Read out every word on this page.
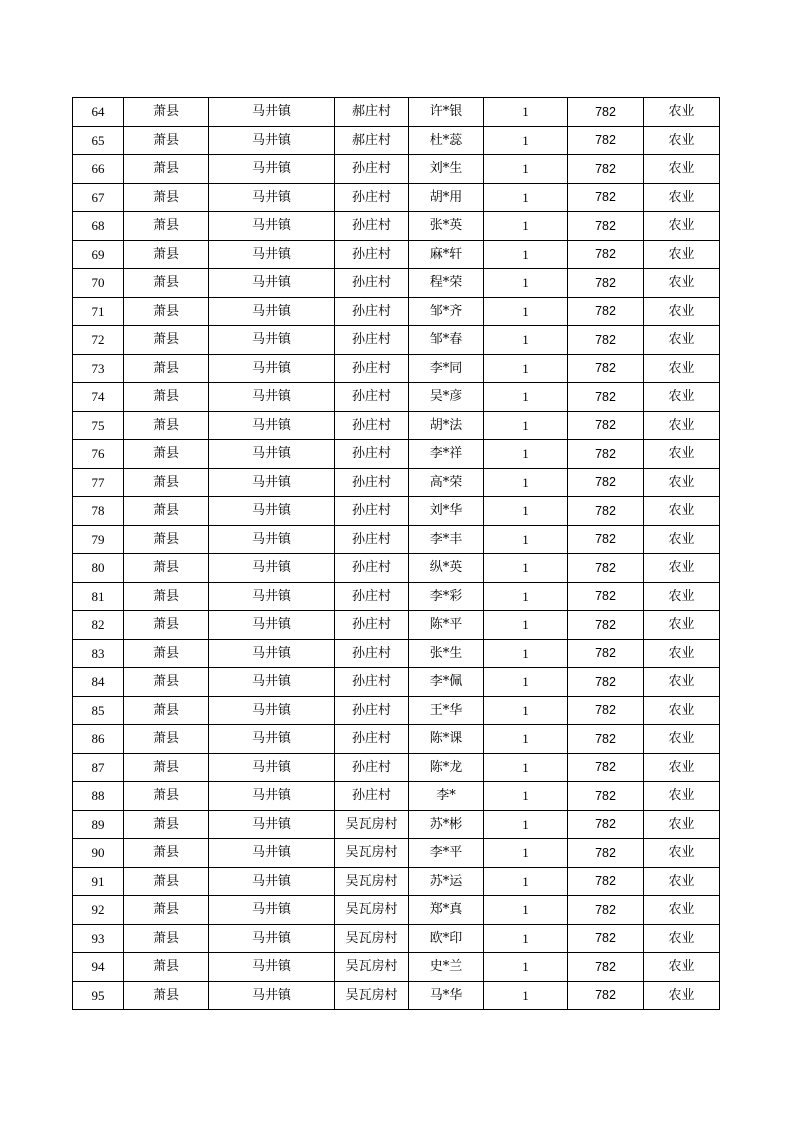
64	萧县	马井镇	郝庄村	许*银	1	782	农业
65	萧县	马井镇	郝庄村	杜*蕊	1	782	农业
66	萧县	马井镇	孙庄村	刘*生	1	782	农业
67	萧县	马井镇	孙庄村	胡*用	1	782	农业
68	萧县	马井镇	孙庄村	张*英	1	782	农业
69	萧县	马井镇	孙庄村	麻*轩	1	782	农业
70	萧县	马井镇	孙庄村	程*荣	1	782	农业
71	萧县	马井镇	孙庄村	邹*齐	1	782	农业
72	萧县	马井镇	孙庄村	邹*春	1	782	农业
73	萧县	马井镇	孙庄村	李*同	1	782	农业
74	萧县	马井镇	孙庄村	吴*彦	1	782	农业
75	萧县	马井镇	孙庄村	胡*法	1	782	农业
76	萧县	马井镇	孙庄村	李*祥	1	782	农业
77	萧县	马井镇	孙庄村	高*荣	1	782	农业
78	萧县	马井镇	孙庄村	刘*华	1	782	农业
79	萧县	马井镇	孙庄村	李*丰	1	782	农业
80	萧县	马井镇	孙庄村	纵*英	1	782	农业
81	萧县	马井镇	孙庄村	李*彩	1	782	农业
82	萧县	马井镇	孙庄村	陈*平	1	782	农业
83	萧县	马井镇	孙庄村	张*生	1	782	农业
84	萧县	马井镇	孙庄村	李*佩	1	782	农业
85	萧县	马井镇	孙庄村	王*华	1	782	农业
86	萧县	马井镇	孙庄村	陈*课	1	782	农业
87	萧县	马井镇	孙庄村	陈*龙	1	782	农业
88	萧县	马井镇	孙庄村	李*	1	782	农业
89	萧县	马井镇	吴瓦房村	苏*彬	1	782	农业
90	萧县	马井镇	吴瓦房村	李*平	1	782	农业
91	萧县	马井镇	吴瓦房村	苏*运	1	782	农业
92	萧县	马井镇	吴瓦房村	郑*真	1	782	农业
93	萧县	马井镇	吴瓦房村	欧*印	1	782	农业
94	萧县	马井镇	吴瓦房村	史*兰	1	782	农业
95	萧县	马井镇	吴瓦房村	马*华	1	782	农业
